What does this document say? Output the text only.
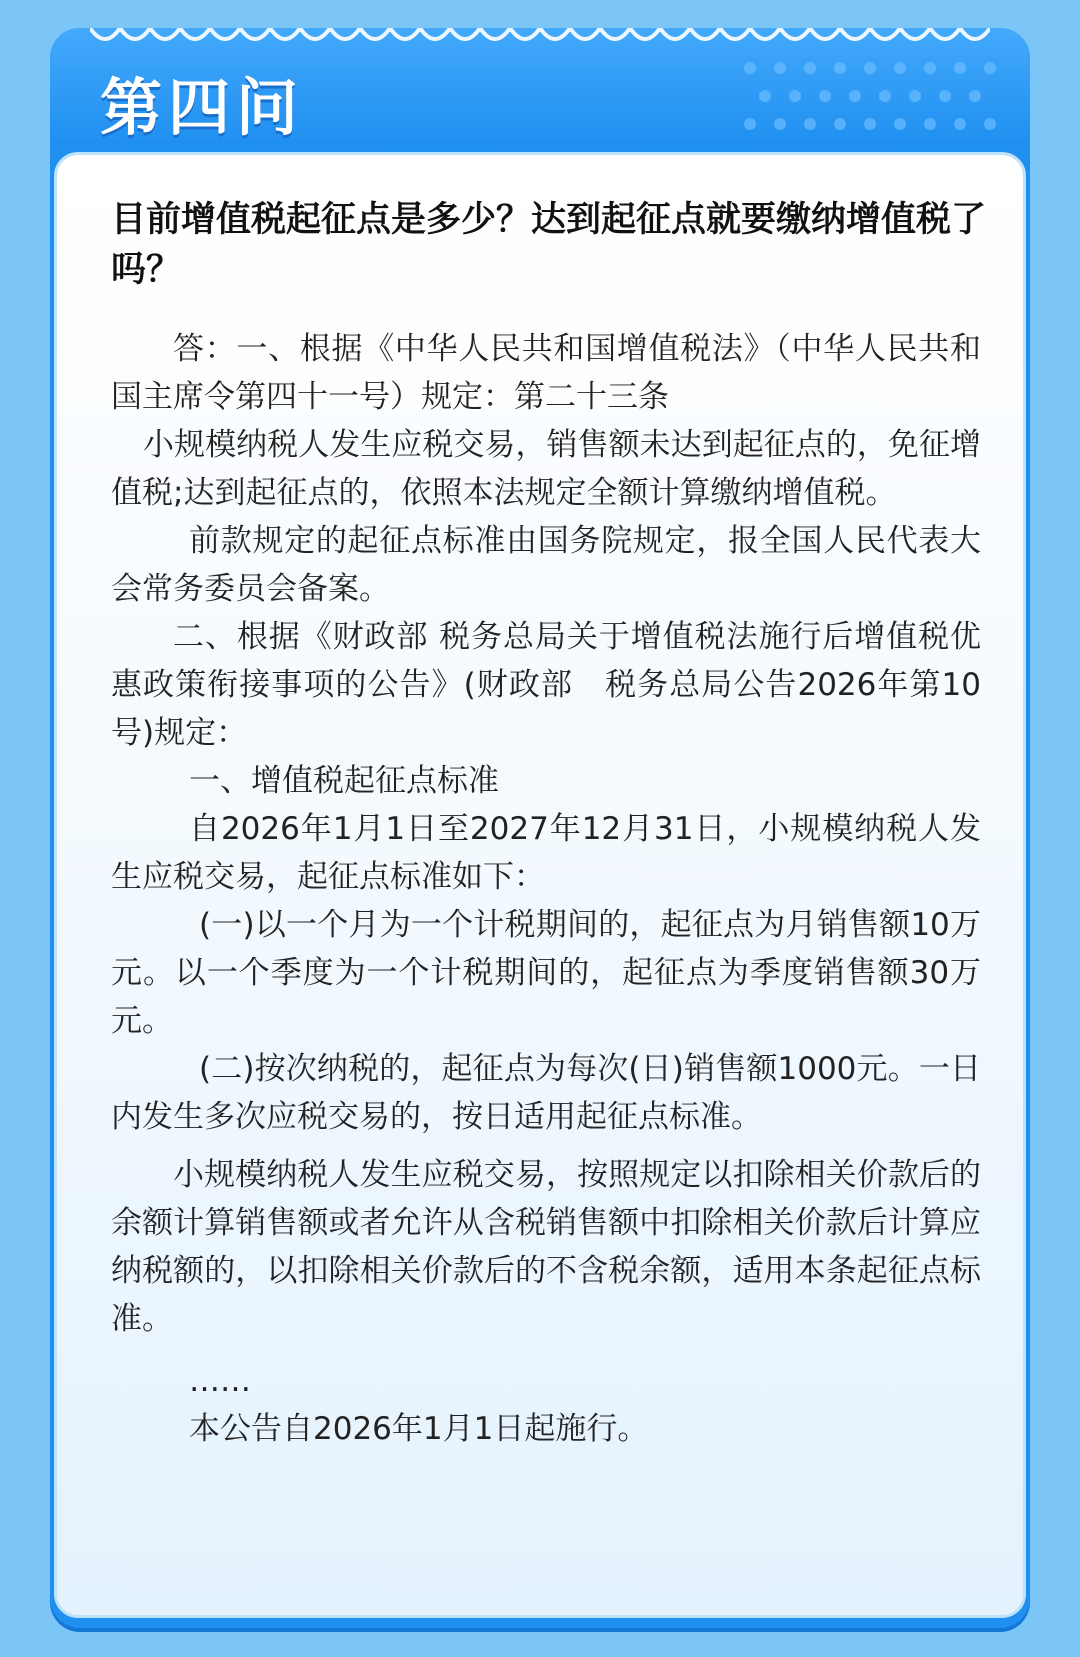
第四问

目前增值税起征点是多少？达到起征点就要缴纳增值税了吗？

答：一、根据《中华人民共和国增值税法》（中华人民共和国主席令第四十一号）规定：第二十三条

小规模纳税人发生应税交易，销售额未达到起征点的，免征增值税;达到起征点的，依照本法规定全额计算缴纳增值税。

前款规定的起征点标准由国务院规定，报全国人民代表大会常务委员会备案。

二、根据《财政部 税务总局关于增值税法施行后增值税优惠政策衔接事项的公告》(财政部　税务总局公告2026年第10号)规定：

一、增值税起征点标准

自2026年1月1日至2027年12月31日，小规模纳税人发生应税交易，起征点标准如下：

(一)以一个月为一个计税期间的，起征点为月销售额10万元。以一个季度为一个计税期间的，起征点为季度销售额30万元。

(二)按次纳税的，起征点为每次(日)销售额1000元。一日内发生多次应税交易的，按日适用起征点标准。

小规模纳税人发生应税交易，按照规定以扣除相关价款后的余额计算销售额或者允许从含税销售额中扣除相关价款后计算应纳税额的，以扣除相关价款后的不含税余额，适用本条起征点标准。

……

本公告自2026年1月1日起施行。
